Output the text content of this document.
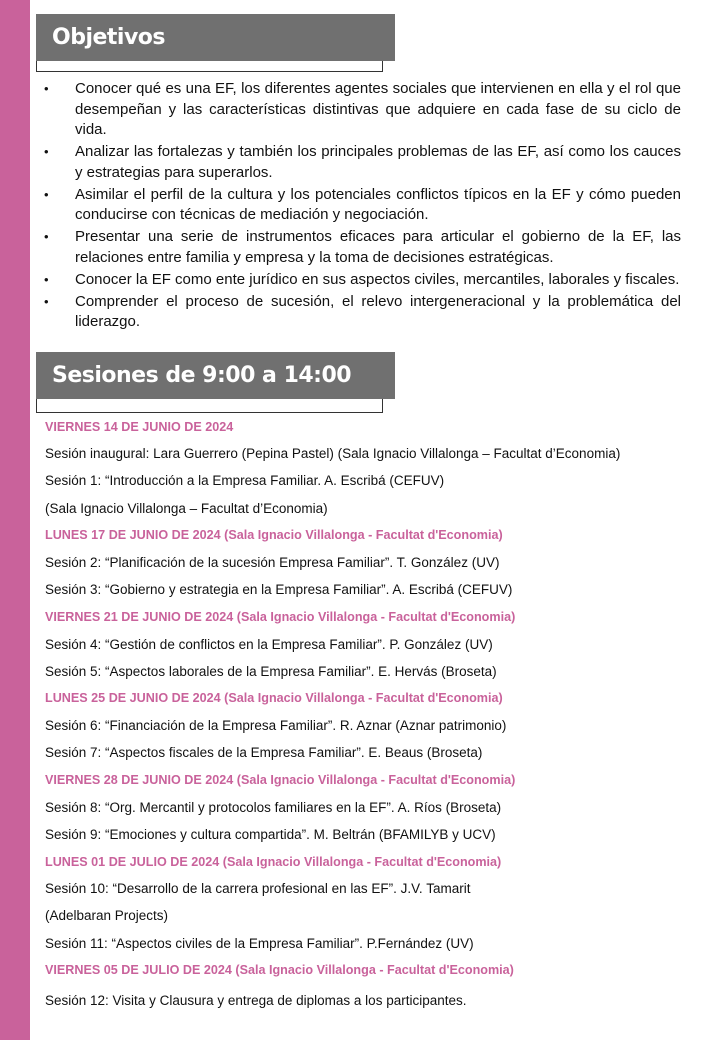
Objetivos
• Conocer qué es una EF, los diferentes agentes sociales que intervienen en ella y el rol que desempeñan y las características distintivas que adquiere en cada fase de su ciclo de vida.
• Analizar las fortalezas y también los principales problemas de las EF, así como los cauces y estrategias para superarlos.
• Asimilar el perfil de la cultura y los potenciales conflictos típicos en la EF y cómo pueden conducirse con técnicas de mediación y negociación.
• Presentar una serie de instrumentos eficaces para articular el gobierno de la EF, las relaciones entre familia y empresa y la toma de decisiones estratégicas.
• Conocer la EF como ente jurídico en sus aspectos civiles, mercantiles, laborales y fiscales.
• Comprender el proceso de sucesión, el relevo intergeneracional y la problemática del liderazgo.
Sesiones de 9:00 a 14:00
VIERNES 14 DE JUNIO DE 2024
Sesión inaugural: Lara Guerrero (Pepina Pastel) (Sala Ignacio Villalonga – Facultat d’Economia)
Sesión 1: “Introducción a la Empresa Familiar. A. Escribá (CEFUV)
(Sala Ignacio Villalonga – Facultat d’Economia)
LUNES 17 DE JUNIO DE 2024 (Sala Ignacio Villalonga - Facultat d'Economia)
Sesión 2: “Planificación de la sucesión Empresa Familiar”. T. González (UV)
Sesión 3: “Gobierno y estrategia en la Empresa Familiar”. A. Escribá (CEFUV)
VIERNES 21 DE JUNIO DE 2024 (Sala Ignacio Villalonga - Facultat d'Economia)
Sesión 4: “Gestión de conflictos en la Empresa Familiar”. P. González (UV)
Sesión 5: “Aspectos laborales de la Empresa Familiar”. E. Hervás (Broseta)
LUNES 25 DE JUNIO DE 2024 (Sala Ignacio Villalonga - Facultat d'Economia)
Sesión 6: “Financiación de la Empresa Familiar”. R. Aznar (Aznar patrimonio)
Sesión 7: “Aspectos fiscales de la Empresa Familiar”. E. Beaus (Broseta)
VIERNES 28 DE JUNIO DE 2024 (Sala Ignacio Villalonga - Facultat d'Economia)
Sesión 8: “Org. Mercantil y protocolos familiares en la EF”. A. Ríos (Broseta)
Sesión 9: “Emociones y cultura compartida”. M. Beltrán (BFAMILYB y UCV)
LUNES 01 DE JULIO DE 2024 (Sala Ignacio Villalonga - Facultat d'Economia)
Sesión 10: “Desarrollo de la carrera profesional en las EF”. J.V. Tamarit
(Adelbaran Projects)
Sesión 11: “Aspectos civiles de la Empresa Familiar”. P.Fernández (UV)
VIERNES 05 DE JULIO DE 2024 (Sala Ignacio Villalonga - Facultat d'Economia)
Sesión 12: Visita y Clausura y entrega de diplomas a los participantes.
